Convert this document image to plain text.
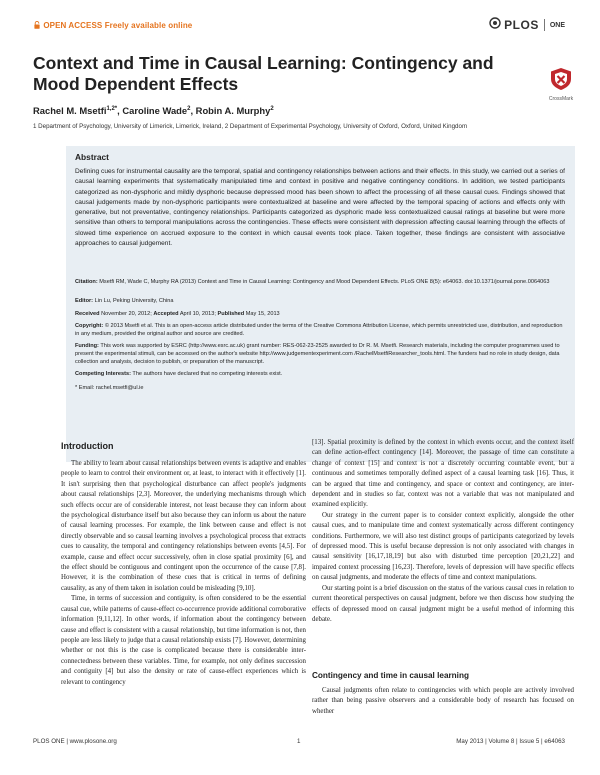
OPEN ACCESS Freely available online	PLOS ONE
Context and Time in Causal Learning: Contingency and Mood Dependent Effects
CrossMark
Rachel M. Msetfi$^{1,2*}$, Caroline Wade$^2$, Robin A. Murphy$^2$
1 Department of Psychology, University of Limerick, Limerick, Ireland, 2 Department of Experimental Psychology, University of Oxford, Oxford, United Kingdom
Abstract
Defining cues for instrumental causality are the temporal, spatial and contingency relationships between actions and their effects. In this study, we carried out a series of causal learning experiments that systematically manipulated time and context in positive and negative contingency conditions. In addition, we tested participants categorized as non-dysphoric and mildly dysphoric because depressed mood has been shown to affect the processing of all these causal cues. Findings showed that causal judgements made by non-dysphoric participants were contextualized at baseline and were affected by the temporal spacing of actions and effects only with generative, but not preventative, contingency relationships. Participants categorized as dysphoric made less contextualized causal ratings at baseline but were more sensitive than others to temporal manipulations across the contingencies. These effects were consistent with depression affecting causal learning through the effects of slowed time experience on accrued exposure to the context in which causal events took place. Taken together, these findings are consistent with associative approaches to causal judgement.
Citation: Msetfi RM, Wade C, Murphy RA (2013) Context and Time in Causal Learning: Contingency and Mood Dependent Effects. PLoS ONE 8(5): e64063. doi:10.1371/journal.pone.0064063
Editor: Lin Lu, Peking University, China
Received November 20, 2012; Accepted April 10, 2013; Published May 15, 2013
Copyright: © 2013 Msetfi et al. This is an open-access article distributed under the terms of the Creative Commons Attribution License, which permits unrestricted use, distribution, and reproduction in any medium, provided the original author and source are credited.
Funding: This work was supported by ESRC (http://www.esrc.ac.uk) grant number: RES-062-23-2525 awarded to Dr R. M. Msetfi. Research materials, including the computer programmes used to present the experimental stimuli, can be accessed on the author's website http://www.judgementexperiment.com /RachelMsetfiResearcher_tools.html. The funders had no role in study design, data collection and analysis, decision to publish, or preparation of the manuscript.
Competing Interests: The authors have declared that no competing interests exist.
* Email: rachel.msetfi@ul.ie
Introduction

The ability to learn about causal relationships between events is adaptive and enables people to learn to control their environment or, at least, to interact with it effectively [1]. It isn't surprising then that psychological disturbance can affect people's judgments about causal relationships [2,3]. Moreover, the underlying mechanisms through which such effects occur are of considerable interest, not least because they can inform about the psychological disturbance itself but also because they can inform us about the nature of causal learning processes. For example, the link between cause and effect is not directly observable and so causal learning involves a psychological process that extracts cues to causality, the temporal and contingency relationships between events [4,5]. For example, cause and effect occur successively, often in close spatial proximity [6], and the effect should be contiguous and contingent upon the occurrence of the cause [7,8]. However, it is the combination of these cues that is critical in terms of defining causality, as any of them taken in isolation could be misleading [9,10].

Time, in terms of succession and contiguity, is often considered to be the essential causal cue, while patterns of cause-effect co-occurrence provide additional corroborative information [9,11,12]. In other words, if information about the contingency between cause and effect is consistent with a causal relationship, but time information is not, then people are less likely to judge that a causal relationship exists [7]. However, determining whether or not this is the case is complicated because there is considerable inter-connectedness between these variables. Time, for example, not only defines succession and contiguity [4] but also the density or rate of cause-effect experiences which is relevant to contingency

[13]. Spatial proximity is defined by the context in which events occur, and the context itself can define action-effect contingency [14]. Moreover, the passage of time can constitute a change of context [15] and context is not a discretely occurring countable event, but a continuous and sometimes temporally defined aspect of a causal learning task [16]. Thus, it can be argued that time and contingency, and space or context and contingency, are inter-dependent and in studies so far, context was not a variable that was not manipulated and examined explicitly.

Our strategy in the current paper is to consider context explicitly, alongside the other causal cues, and to manipulate time and context systematically across different contingency conditions. Furthermore, we will also test distinct groups of participants categorized by levels of depressed mood. This is useful because depression is not only associated with changes in causal sensitivity [16,17,18,19] but also with disturbed time perception [20,21,22] and impaired context processing [16,23]. Therefore, levels of depression will have specific effects on causal judgments, and moderate the effects of time and context manipulations.

Our starting point is a brief discussion on the status of the various causal cues in relation to current theoretical perspectives on causal judgment, before we then discuss how studying the effects of depressed mood on causal judgment might be a useful method of informing this debate.

Contingency and time in causal learning

Causal judgments often relate to contingencies with which people are actively involved rather than being passive observers and a considerable body of research has focused on whether

PLOS ONE | www.plosone.org	1	May 2013 | Volume 8 | Issue 5 | e64063
